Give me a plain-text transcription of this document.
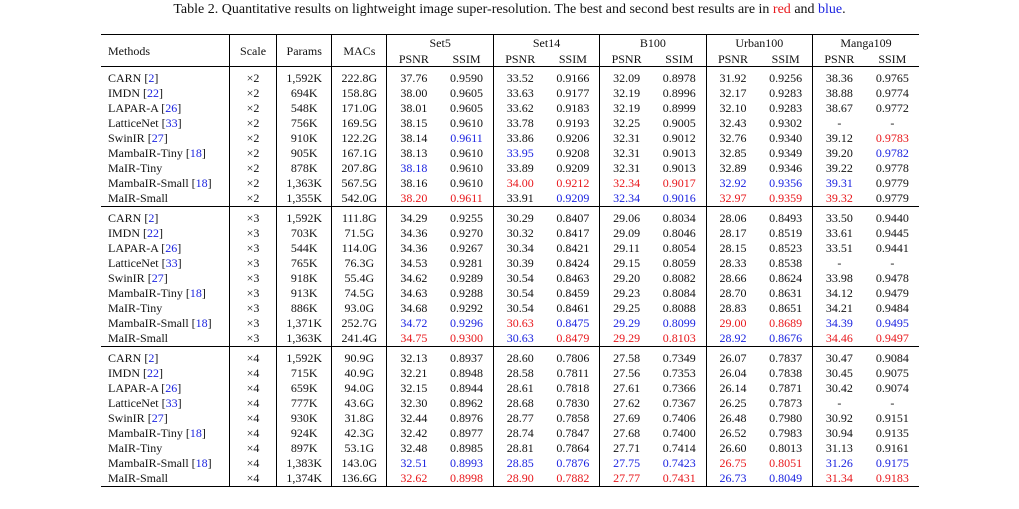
Table 2. Quantitative results on lightweight image super-resolution. The best and second best results are in red and blue.
Methods	Scale	Params	MACs	Set5		Set14		B100		Urban100		Manga109	
				PSNR	SSIM	PSNR	SSIM	PSNR	SSIM	PSNR	SSIM	PSNR	SSIM
CARN [2]	×2	1,592K	222.8G	37.76	0.9590	33.52	0.9166	32.09	0.8978	31.92	0.9256	38.36	0.9765
IMDN [22]	×2	694K	158.8G	38.00	0.9605	33.63	0.9177	32.19	0.8996	32.17	0.9283	38.88	0.9774
LAPAR-A [26]	×2	548K	171.0G	38.01	0.9605	33.62	0.9183	32.19	0.8999	32.10	0.9283	38.67	0.9772
LatticeNet [33]	×2	756K	169.5G	38.15	0.9610	33.78	0.9193	32.25	0.9005	32.43	0.9302	-	-
SwinIR [27]	×2	910K	122.2G	38.14	0.9611	33.86	0.9206	32.31	0.9012	32.76	0.9340	39.12	0.9783
MambaIR-Tiny [18]	×2	905K	167.1G	38.13	0.9610	33.95	0.9208	32.31	0.9013	32.85	0.9349	39.20	0.9782
MaIR-Tiny	×2	878K	207.8G	38.18	0.9610	33.89	0.9209	32.31	0.9013	32.89	0.9346	39.22	0.9778
MambaIR-Small [18]	×2	1,363K	567.5G	38.16	0.9610	34.00	0.9212	32.34	0.9017	32.92	0.9356	39.31	0.9779
MaIR-Small	×2	1,355K	542.0G	38.20	0.9611	33.91	0.9209	32.34	0.9016	32.97	0.9359	39.32	0.9779
CARN [2]	×3	1,592K	111.8G	34.29	0.9255	30.29	0.8407	29.06	0.8034	28.06	0.8493	33.50	0.9440
IMDN [22]	×3	703K	71.5G	34.36	0.9270	30.32	0.8417	29.09	0.8046	28.17	0.8519	33.61	0.9445
LAPAR-A [26]	×3	544K	114.0G	34.36	0.9267	30.34	0.8421	29.11	0.8054	28.15	0.8523	33.51	0.9441
LatticeNet [33]	×3	765K	76.3G	34.53	0.9281	30.39	0.8424	29.15	0.8059	28.33	0.8538	-	-
SwinIR [27]	×3	918K	55.4G	34.62	0.9289	30.54	0.8463	29.20	0.8082	28.66	0.8624	33.98	0.9478
MambaIR-Tiny [18]	×3	913K	74.5G	34.63	0.9288	30.54	0.8459	29.23	0.8084	28.70	0.8631	34.12	0.9479
MaIR-Tiny	×3	886K	93.0G	34.68	0.9292	30.54	0.8461	29.25	0.8088	28.83	0.8651	34.21	0.9484
MambaIR-Small [18]	×3	1,371K	252.7G	34.72	0.9296	30.63	0.8475	29.29	0.8099	29.00	0.8689	34.39	0.9495
MaIR-Small	×3	1,363K	241.4G	34.75	0.9300	30.63	0.8479	29.29	0.8103	28.92	0.8676	34.46	0.9497
CARN [2]	×4	1,592K	90.9G	32.13	0.8937	28.60	0.7806	27.58	0.7349	26.07	0.7837	30.47	0.9084
IMDN [22]	×4	715K	40.9G	32.21	0.8948	28.58	0.7811	27.56	0.7353	26.04	0.7838	30.45	0.9075
LAPAR-A [26]	×4	659K	94.0G	32.15	0.8944	28.61	0.7818	27.61	0.7366	26.14	0.7871	30.42	0.9074
LatticeNet [33]	×4	777K	43.6G	32.30	0.8962	28.68	0.7830	27.62	0.7367	26.25	0.7873	-	-
SwinIR [27]	×4	930K	31.8G	32.44	0.8976	28.77	0.7858	27.69	0.7406	26.48	0.7980	30.92	0.9151
MambaIR-Tiny [18]	×4	924K	42.3G	32.42	0.8977	28.74	0.7847	27.68	0.7400	26.52	0.7983	30.94	0.9135
MaIR-Tiny	×4	897K	53.1G	32.48	0.8985	28.81	0.7864	27.71	0.7414	26.60	0.8013	31.13	0.9161
MambaIR-Small [18]	×4	1,383K	143.0G	32.51	0.8993	28.85	0.7876	27.75	0.7423	26.75	0.8051	31.26	0.9175
MaIR-Small	×4	1,374K	136.6G	32.62	0.8998	28.90	0.7882	27.77	0.7431	26.73	0.8049	31.34	0.9183
